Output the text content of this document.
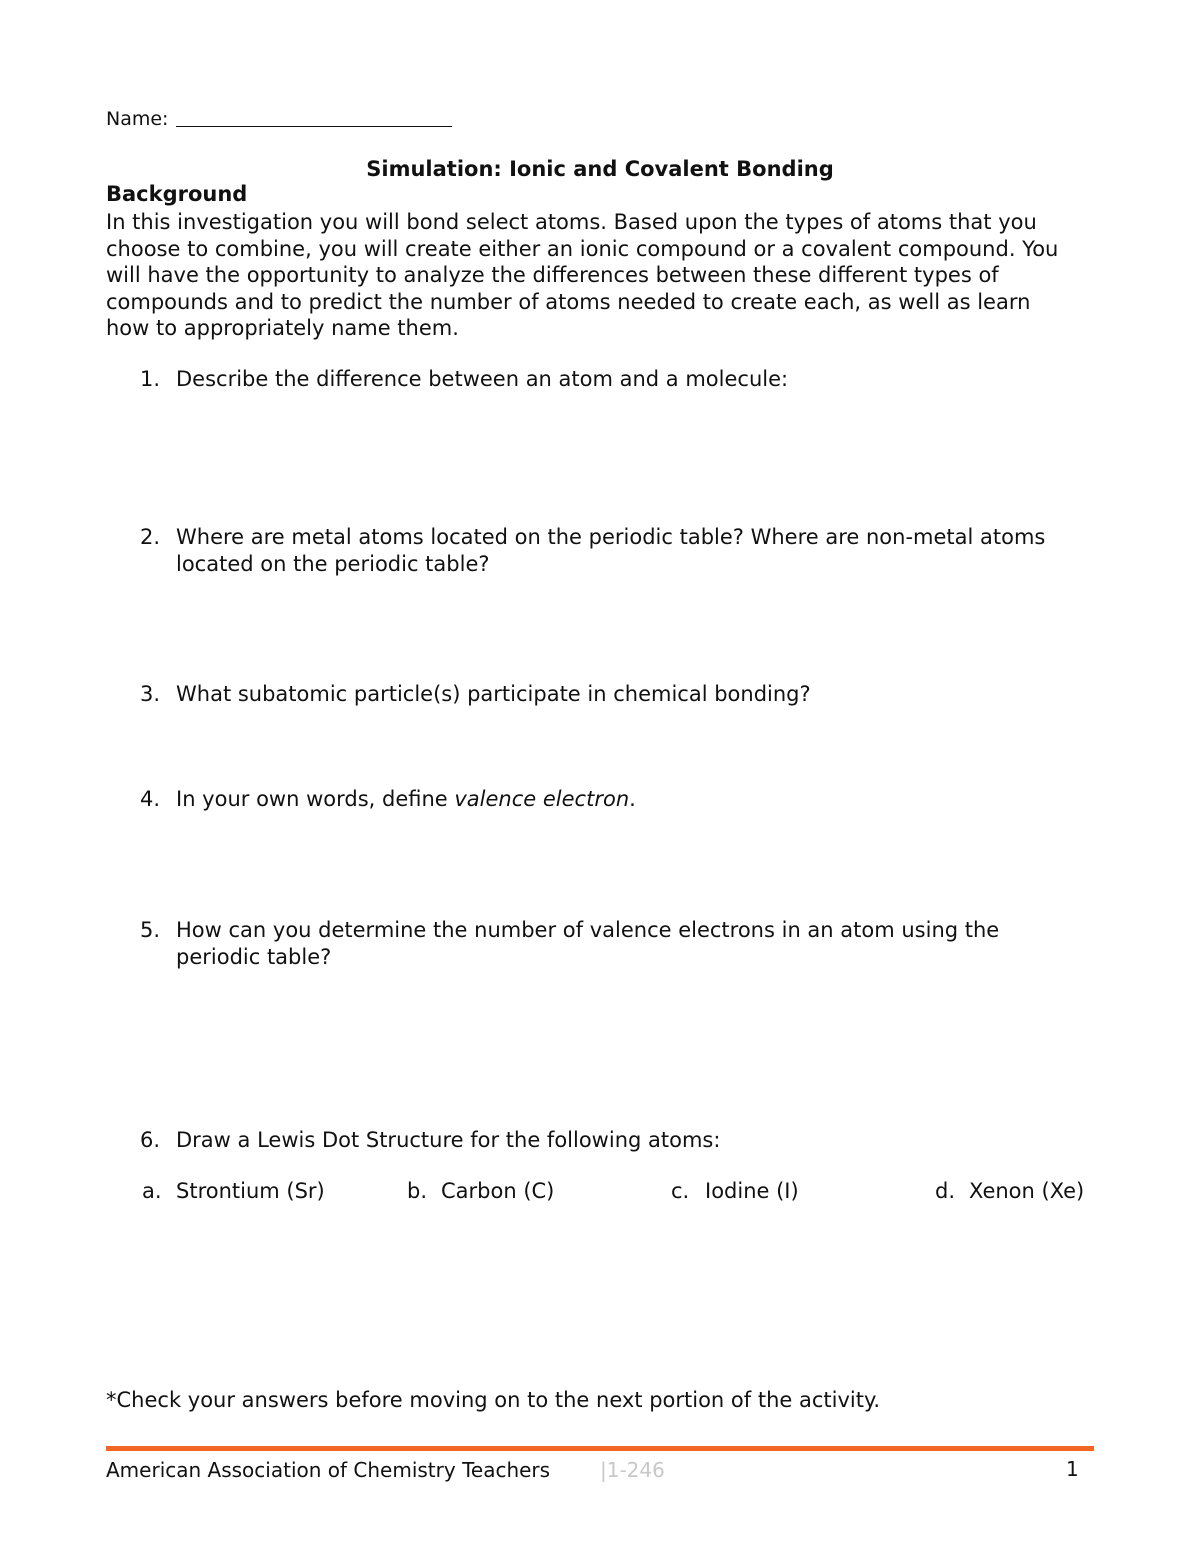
Name:
Simulation: Ionic and Covalent Bonding
Background

In this investigation you will bond select atoms. Based upon the types of atoms that you

choose to combine, you will create either an ionic compound or a covalent compound. You

will have the opportunity to analyze the differences between these different types of

compounds and to predict the number of atoms needed to create each, as well as learn

how to appropriately name them.

1. Describe the difference between an atom and a molecule:

2. Where are metal atoms located on the periodic table? Where are non-metal atoms

located on the periodic table?

3. What subatomic particle(s) participate in chemical bonding?

4. In your own words, define valence electron.

5. How can you determine the number of valence electrons in an atom using the

periodic table?

6. Draw a Lewis Dot Structure for the following atoms:

a. Strontium (Sr)	b. Carbon (C)	c. Iodine (I)	d. Xenon (Xe)
*Check your answers before moving on to the next portion of the activity.
American Association of Chemistry Teachers |1-246	1
